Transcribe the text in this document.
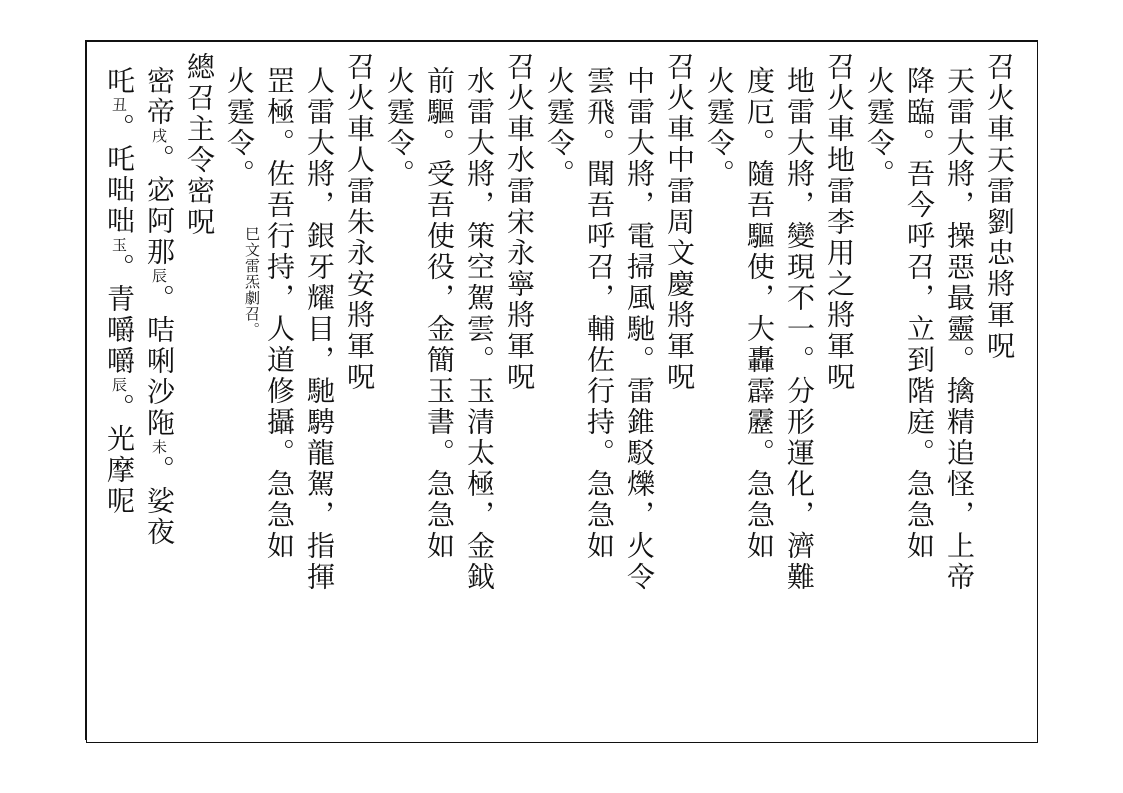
召火車天雷劉忠將軍呪
天雷大將，操惡最靈。擒精追怪，上帝
降臨。吾今呼召，立到階庭。急急如
火霆令。
召火車地雷李用之將軍呪
地雷大將，變現不一。分形運化，濟難
度厄。隨吾驅使，大轟霹靂。急急如
火霆令。
召火車中雷周文慶將軍呪
中雷大將，電掃風馳。雷錐駁爍，火令
雲飛。聞吾呼召，輔佐行持。急急如
火霆令。
召火車水雷宋永寧將軍呪
水雷大將，策空駕雲。玉清太極，金鉞
前驅。受吾使役，金簡玉書。急急如
火霆令。
召火車人雷朱永安將軍呪
人雷大將，銀牙耀目，馳騁龍駕，指揮
罡極。佐吾行持，人道修攝。急急如
火霆令。
巳文雷炁劇召。
總召主令密呪
密帝戌。宓阿那辰。咭唎沙陁未。娑夜
吒丑。吒咄咄玉。青嚼嚼辰。光摩呢
